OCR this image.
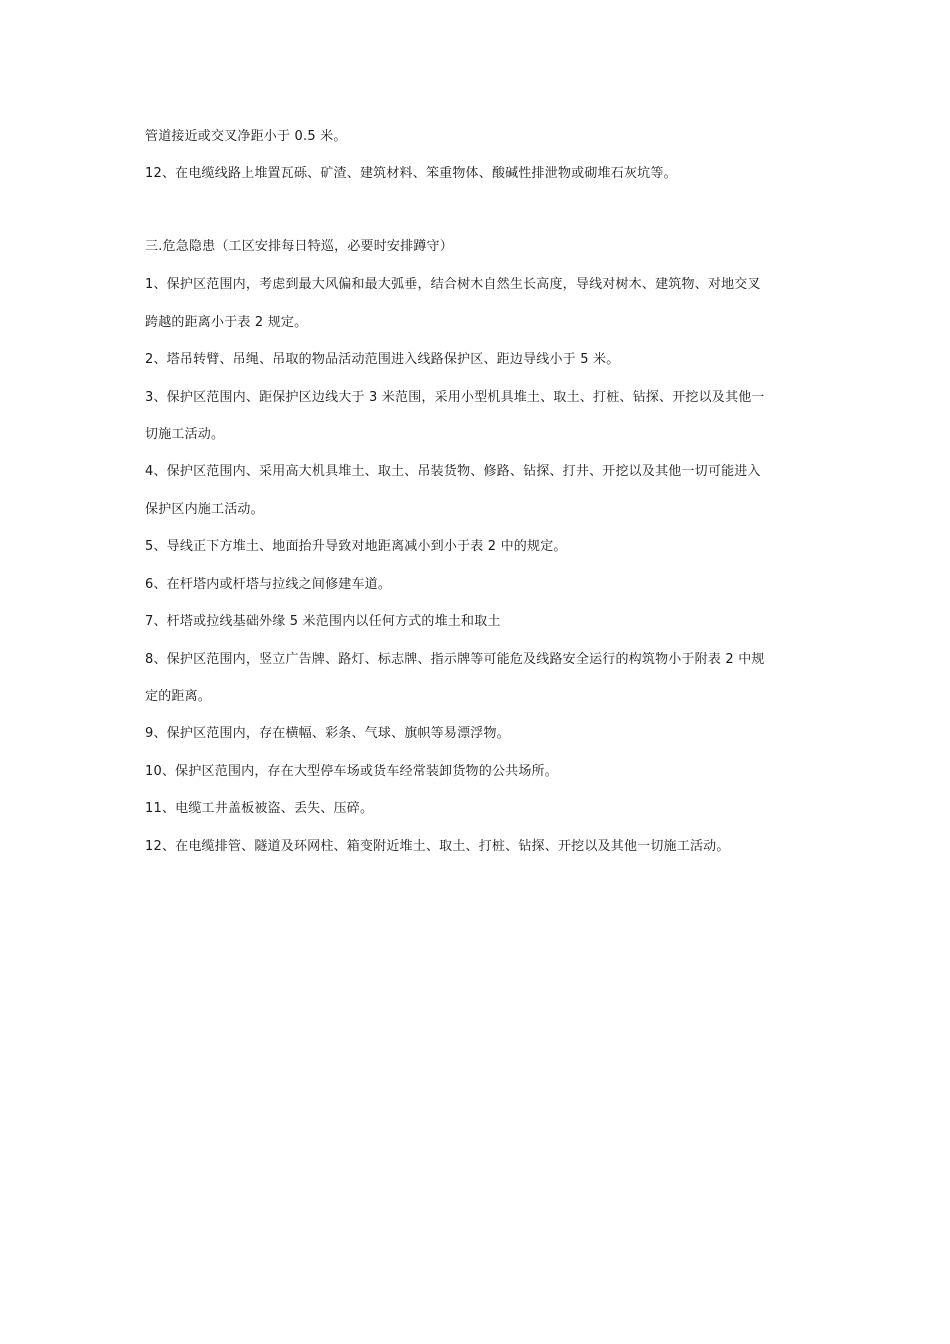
管道接近或交叉净距小于 0.5 米。
12、在电缆线路上堆置瓦砾、矿渣、建筑材料、笨重物体、酸碱性排泄物或砌堆石灰坑等。
三.危急隐患（工区安排每日特巡，必要时安排蹲守）
1、保护区范围内，考虑到最大风偏和最大弧垂，结合树木自然生长高度，导线对树木、建筑物、对地交叉
跨越的距离小于表 2 规定。
2、塔吊转臂、吊绳、吊取的物品活动范围进入线路保护区、距边导线小于 5 米。
3、保护区范围内、距保护区边线大于 3 米范围，采用小型机具堆土、取土、打桩、钻探、开挖以及其他一
切施工活动。
4、保护区范围内、采用高大机具堆土、取土、吊装货物、修路、钻探、打井、开挖以及其他一切可能进入
保护区内施工活动。
5、导线正下方堆土、地面抬升导致对地距离减小到小于表 2 中的规定。
6、在杆塔内或杆塔与拉线之间修建车道。
7、杆塔或拉线基础外缘 5 米范围内以任何方式的堆土和取土
8、保护区范围内，竖立广告牌、路灯、标志牌、指示牌等可能危及线路安全运行的构筑物小于附表 2 中规
定的距离。
9、保护区范围内，存在横幅、彩条、气球、旗帜等易漂浮物。
10、保护区范围内，存在大型停车场或货车经常装卸货物的公共场所。
11、电缆工井盖板被盗、丢失、压碎。
12、在电缆排管、隧道及环网柱、箱变附近堆土、取土、打桩、钻探、开挖以及其他一切施工活动。
